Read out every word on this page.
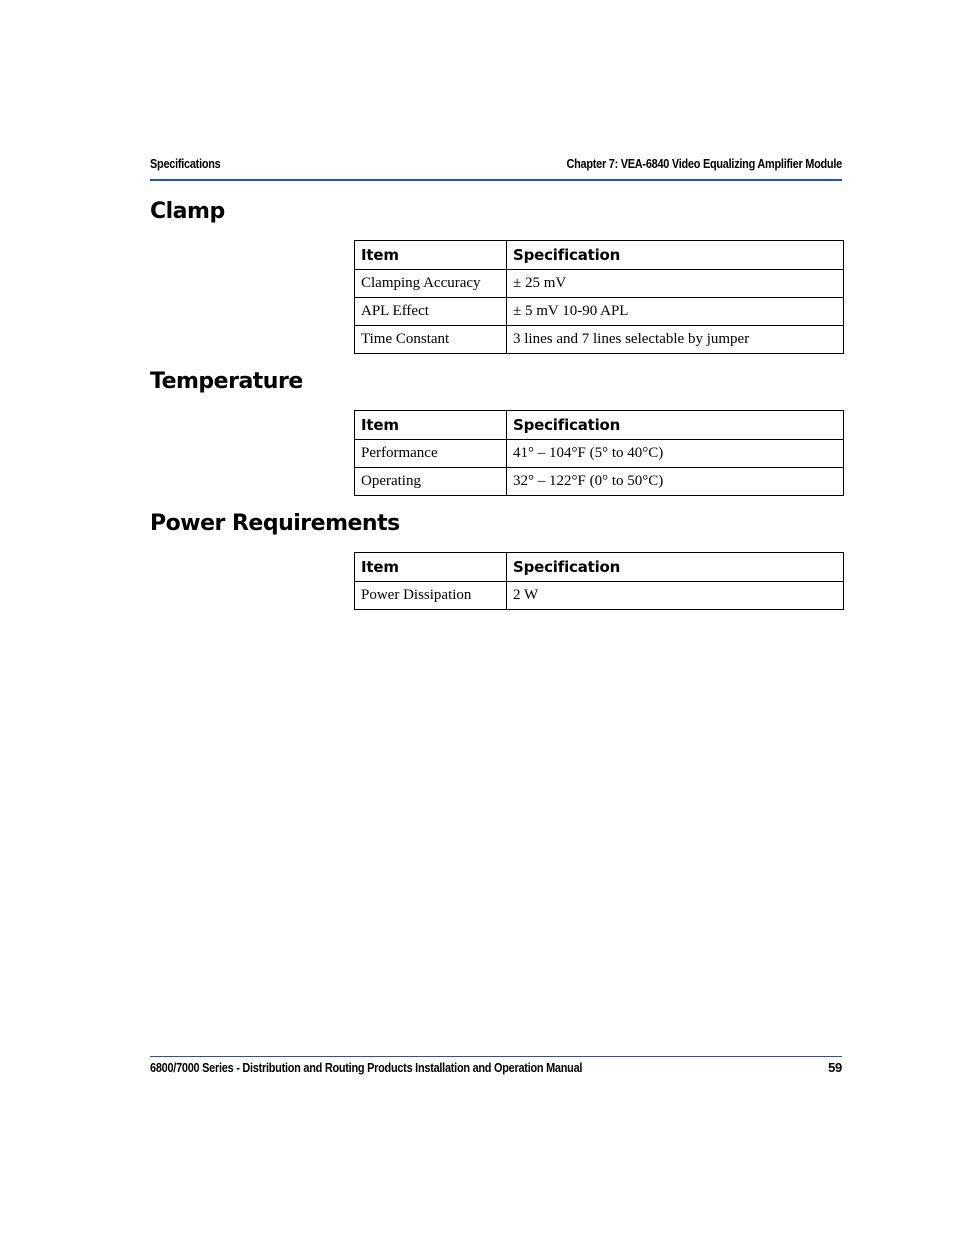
Specifications	Chapter 7: VEA-6840 Video Equalizing Amplifier Module
Clamp
Item	Specification
Clamping Accuracy	± 25 mV
APL Effect	± 5 mV 10-90 APL
Time Constant	3 lines and 7 lines selectable by jumper
Temperature
Item	Specification
Performance	41° – 104°F (5° to 40°C)
Operating	32° – 122°F (0° to 50°C)
Power Requirements
Item	Specification
Power Dissipation	2 W
6800/7000 Series - Distribution and Routing Products Installation and Operation Manual	59
